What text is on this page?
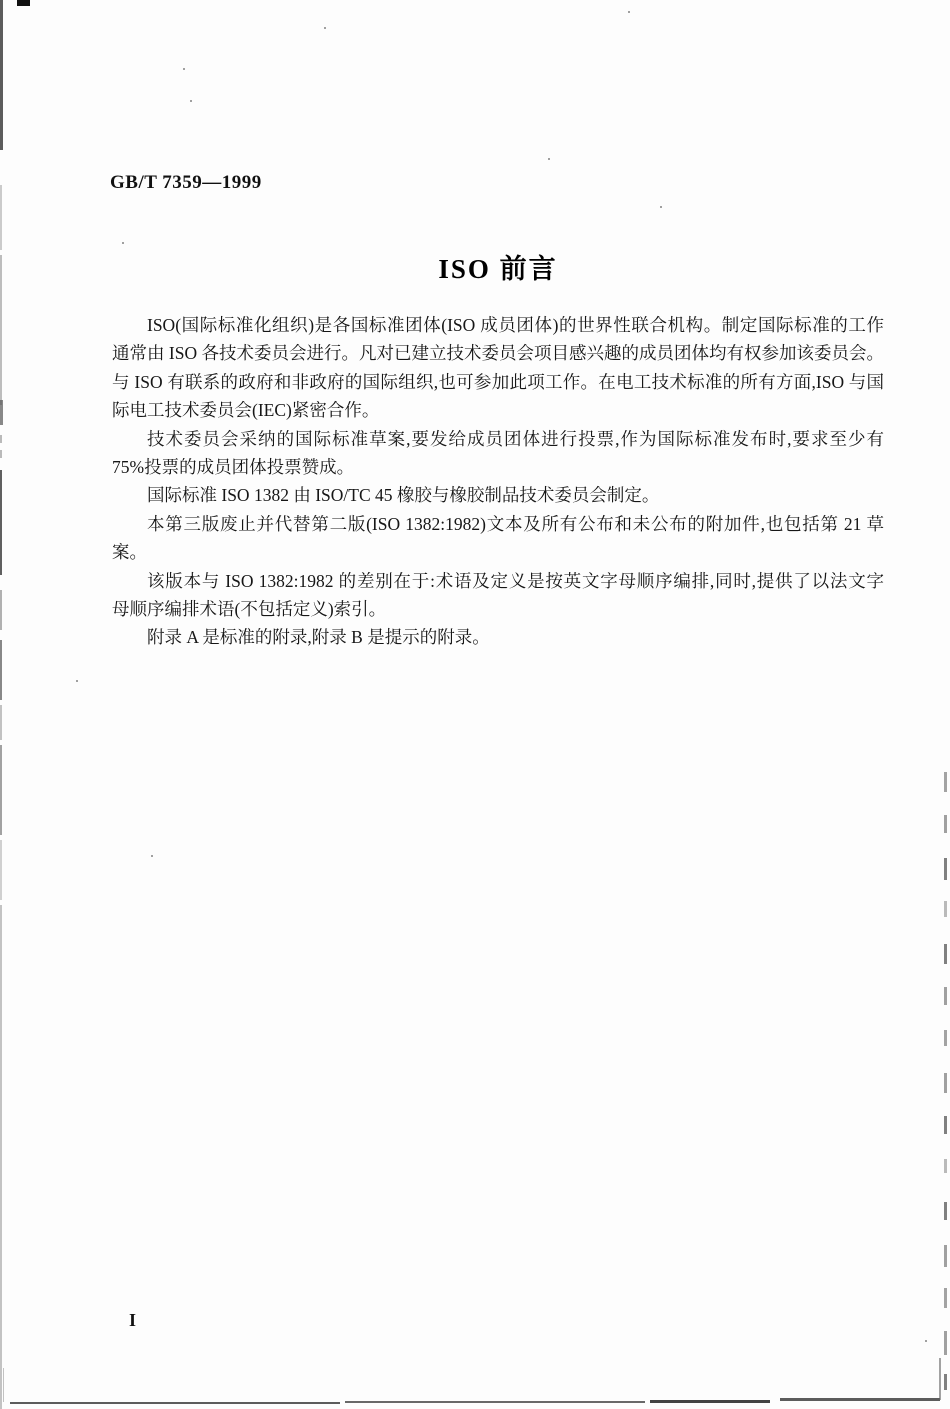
GB/T 7359—1999
ISO 前言
ISO(国际标准化组织)是各国标准团体(ISO 成员团体)的世界性联合机构。制定国际标准的工作
通常由 ISO 各技术委员会进行。凡对已建立技术委员会项目感兴趣的成员团体均有权参加该委员会。
与 ISO 有联系的政府和非政府的国际组织,也可参加此项工作。在电工技术标准的所有方面,ISO 与国
际电工技术委员会(IEC)紧密合作。
技术委员会采纳的国际标准草案,要发给成员团体进行投票,作为国际标准发布时,要求至少有
75%投票的成员团体投票赞成。
国际标准 ISO 1382 由 ISO/TC 45 橡胶与橡胶制品技术委员会制定。
本第三版废止并代替第二版(ISO 1382:1982)文本及所有公布和未公布的附加件,也包括第 21 草
案。
该版本与 ISO 1382:1982 的差别在于:术语及定义是按英文字母顺序编排,同时,提供了以法文字
母顺序编排术语(不包括定义)索引。
附录 A 是标准的附录,附录 B 是提示的附录。
I
